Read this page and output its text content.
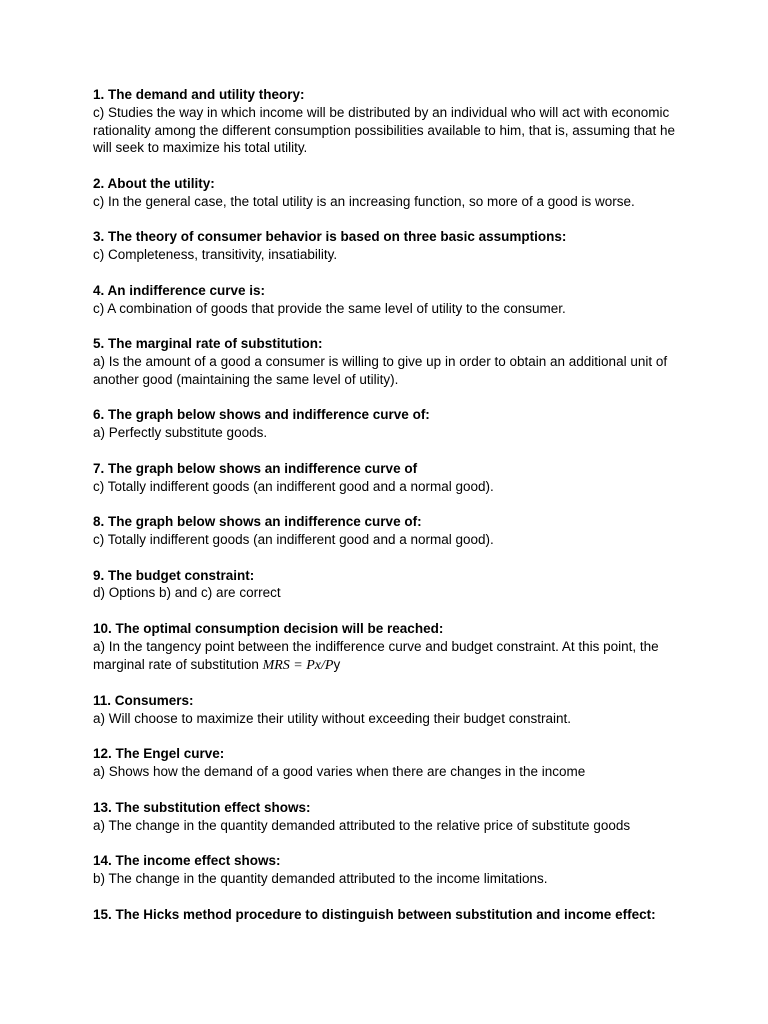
1. The demand and utility theory:
c) Studies the way in which income will be distributed by an individual who will act with economic rationality among the different consumption possibilities available to him, that is, assuming that he will seek to maximize his total utility.
2. About the utility:
c) In the general case, the total utility is an increasing function, so more of a good is worse.
3. The theory of consumer behavior is based on three basic assumptions:
c) Completeness, transitivity, insatiability.
4. An indifference curve is:
c) A combination of goods that provide the same level of utility to the consumer.
5. The marginal rate of substitution:
a) Is the amount of a good a consumer is willing to give up in order to obtain an additional unit of another good (maintaining the same level of utility).
6. The graph below shows and indifference curve of:
a) Perfectly substitute goods.
7. The graph below shows an indifference curve of
c) Totally indifferent goods (an indifferent good and a normal good).
8. The graph below shows an indifference curve of:
c) Totally indifferent goods (an indifferent good and a normal good).
9. The budget constraint:
d) Options b) and c) are correct
10. The optimal consumption decision will be reached:
a) In the tangency point between the indifference curve and budget constraint. At this point, the marginal rate of substitution MRS = Px/Py
11. Consumers:
a) Will choose to maximize their utility without exceeding their budget constraint.
12. The Engel curve:
a) Shows how the demand of a good varies when there are changes in the income
13. The substitution effect shows:
a) The change in the quantity demanded attributed to the relative price of substitute goods
14. The income effect shows:
b) The change in the quantity demanded attributed to the income limitations.
15. The Hicks method procedure to distinguish between substitution and income effect:
